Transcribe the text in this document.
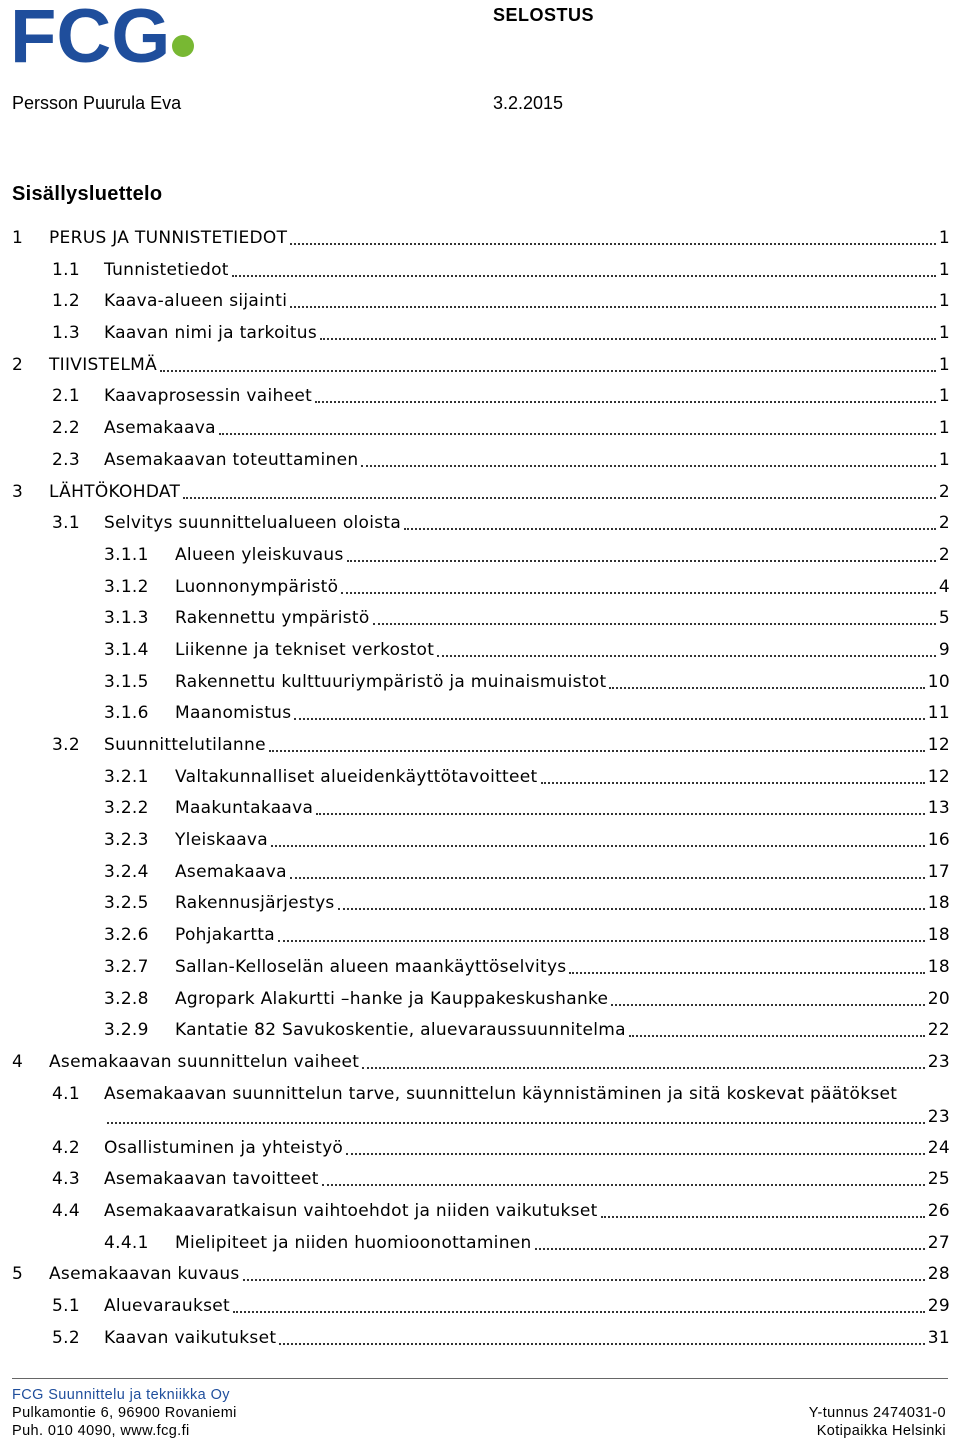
FCG	SELOSTUS
Persson Puurula Eva	3.2.2015
Sisällysluettelo
1 PERUS JA TUNNISTETIEDOT	1
1.1 Tunnistetiedot	1
1.2 Kaava-alueen sijainti	1
1.3 Kaavan nimi ja tarkoitus	1
2 TIIVISTELMÄ	1
2.1 Kaavaprosessin vaiheet	1
2.2 Asemakaava	1
2.3 Asemakaavan toteuttaminen	1
3 LÄHTÖKOHDAT	2
3.1 Selvitys suunnittelualueen oloista	2
3.1.1 Alueen yleiskuvaus	2
3.1.2 Luonnonympäristö	4
3.1.3 Rakennettu ympäristö	5
3.1.4 Liikenne ja tekniset verkostot	9
3.1.5 Rakennettu kulttuuriympäristö ja muinaismuistot	10
3.1.6 Maanomistus	11
3.2 Suunnittelutilanne	12
3.2.1 Valtakunnalliset alueidenkäyttötavoitteet	12
3.2.2 Maakuntakaava	13
3.2.3 Yleiskaava	16
3.2.4 Asemakaava	17
3.2.5 Rakennusjärjestys	18
3.2.6 Pohjakartta	18
3.2.7 Sallan-Kelloselän alueen maankäyttöselvitys	18
3.2.8 Agropark Alakurtti –hanke ja Kauppakeskushanke	20
3.2.9 Kantatie 82 Savukoskentie, aluevaraussuunnitelma	22
4 Asemakaavan suunnittelun vaiheet	23
4.1 Asemakaavan suunnittelun tarve, suunnittelun käynnistäminen ja sitä koskevat päätökset
23
4.2 Osallistuminen ja yhteistyö	24
4.3 Asemakaavan tavoitteet	25
4.4 Asemakaavaratkaisun vaihtoehdot ja niiden vaikutukset	26
4.4.1 Mielipiteet ja niiden huomioonottaminen	27
5 Asemakaavan kuvaus	28
5.1 Aluevaraukset	29
5.2 Kaavan vaikutukset	31
FCG Suunnittelu ja tekniikka Oy
Pulkamontie 6, 96900 Rovaniemi
Puh. 010 4090, www.fcg.fi
Y-tunnus 2474031-0
Kotipaikka Helsinki
